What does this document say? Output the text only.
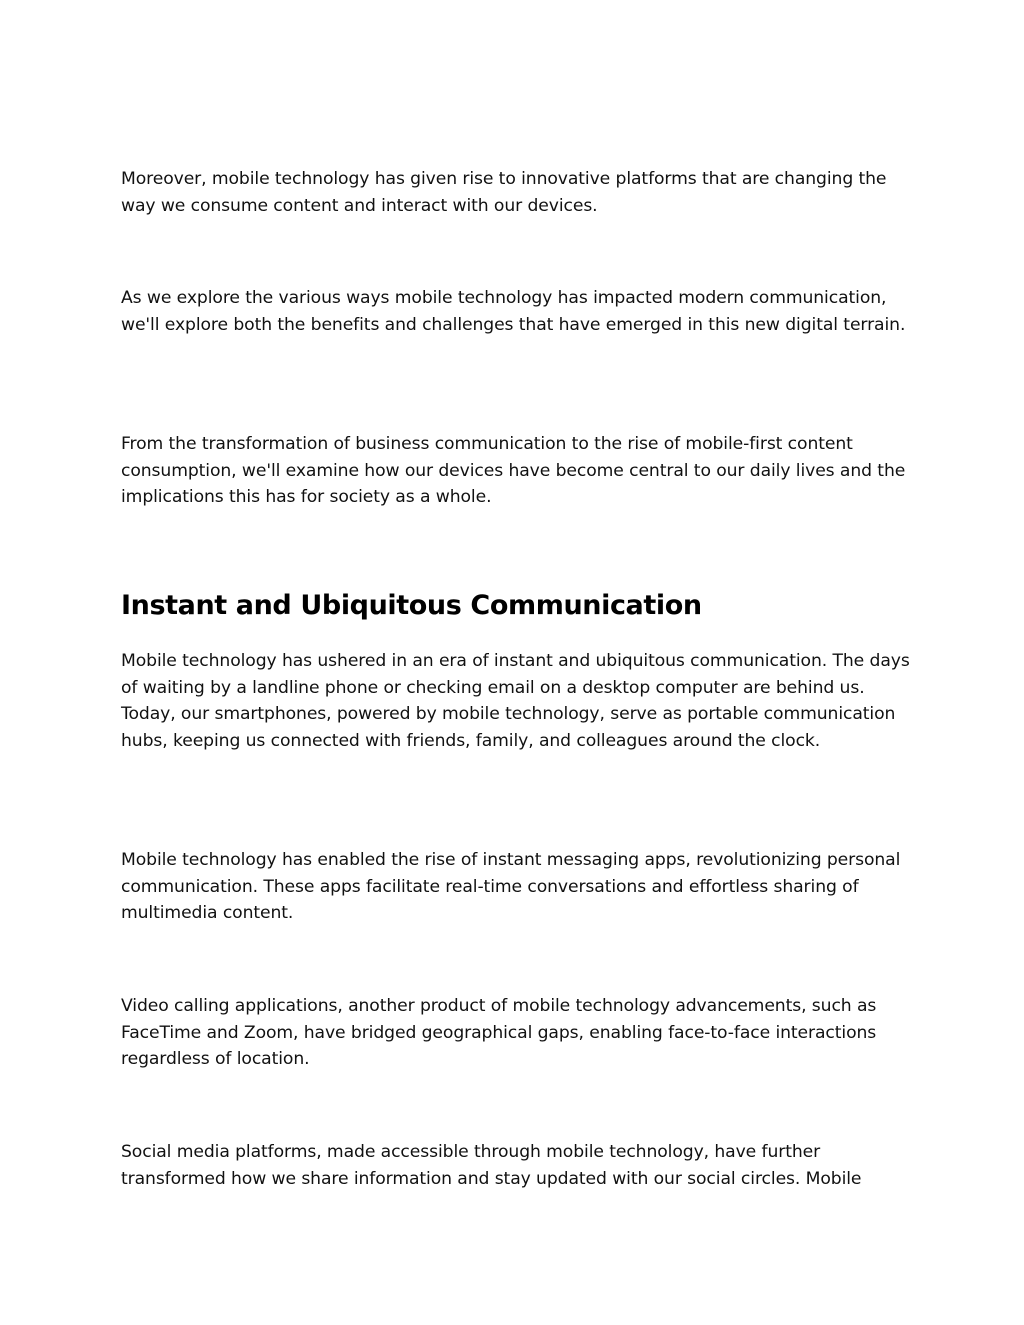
Moreover, mobile technology has given rise to innovative platforms that are changing the way we consume content and interact with our devices.

As we explore the various ways mobile technology has impacted modern communication, we'll explore both the benefits and challenges that have emerged in this new digital terrain.

From the transformation of business communication to the rise of mobile-first content consumption, we'll examine how our devices have become central to our daily lives and the implications this has for society as a whole.

Instant and Ubiquitous Communication

Mobile technology has ushered in an era of instant and ubiquitous communication. The days of waiting by a landline phone or checking email on a desktop computer are behind us. Today, our smartphones, powered by mobile technology, serve as portable communication hubs, keeping us connected with friends, family, and colleagues around the clock.

Mobile technology has enabled the rise of instant messaging apps, revolutionizing personal communication. These apps facilitate real-time conversations and effortless sharing of multimedia content.

Video calling applications, another product of mobile technology advancements, such as FaceTime and Zoom, have bridged geographical gaps, enabling face-to-face interactions regardless of location.

Social media platforms, made accessible through mobile technology, have further transformed how we share information and stay updated with our social circles. Mobile
